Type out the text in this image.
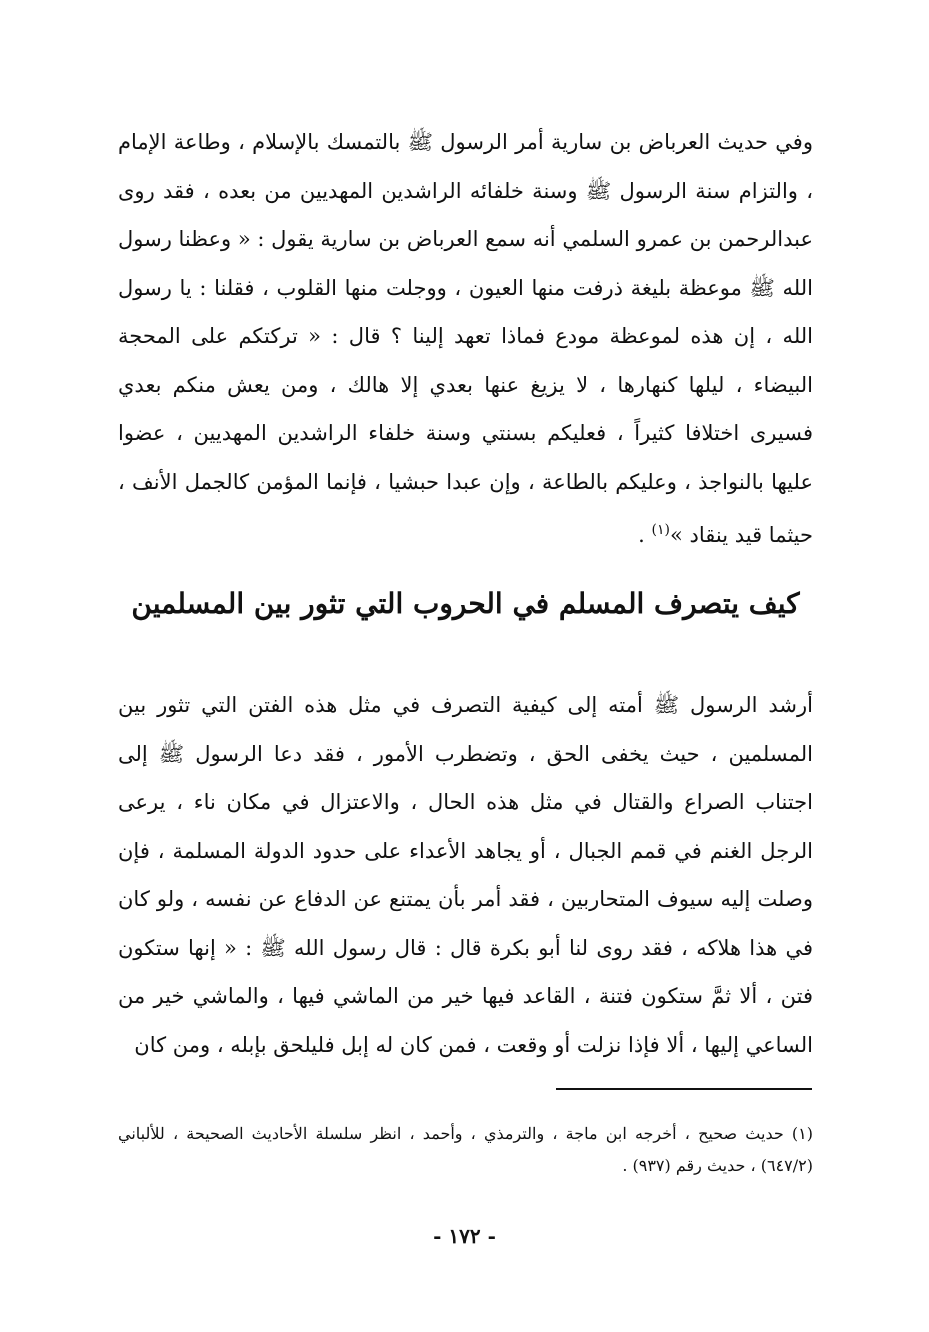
وفي حديث العرباض بن سارية أمر الرسول ﷺ بالتمسك بالإسلام ، وطاعة الإمام ، والتزام سنة الرسول ﷺ وسنة خلفائه الراشدين المهديين من بعده ، فقد روى عبدالرحمن بن عمرو السلمي أنه سمع العرباض بن سارية يقول : « وعظنا رسول الله ﷺ موعظة بليغة ذرفت منها العيون ، ووجلت منها القلوب ، فقلنا : يا رسول الله ، إن هذه لموعظة مودع فماذا تعهد إلينا ؟ قال : « تركتكم على المحجة البيضاء ، ليلها كنهارها ، لا يزيغ عنها بعدي إلا هالك ، ومن يعش منكم بعدي فسيرى اختلافا كثيراً ، فعليكم بسنتي وسنة خلفاء الراشدين المهديين ، عضوا عليها بالنواجذ ، وعليكم بالطاعة ، وإن عبدا حبشيا ، فإنما المؤمن كالجمل الأنف ، حيثما قيد ينقاد »$^{(١)}$ .

كيف يتصرف المسلم في الحروب التي تثور بين المسلمين

أرشد الرسول ﷺ أمته إلى كيفية التصرف في مثل هذه الفتن التي تثور بين المسلمين ، حيث يخفى الحق ، وتضطرب الأمور ، فقد دعا الرسول ﷺ إلى اجتناب الصراع والقتال في مثل هذه الحال ، والاعتزال في مكان ناء ، يرعى الرجل الغنم في قمم الجبال ، أو يجاهد الأعداء على حدود الدولة المسلمة ، فإن وصلت إليه سيوف المتحاربين ، فقد أمر بأن يمتنع عن الدفاع عن نفسه ، ولو كان في هذا هلاكه ، فقد روى لنا أبو بكرة قال : قال رسول الله ﷺ : « إنها ستكون فتن ، ألا ثمَّ ستكون فتنة ، القاعد فيها خير من الماشي فيها ، والماشي خير من الساعي إليها ، ألا فإذا نزلت أو وقعت ، فمن كان له إبل فليلحق بإبله ، ومن كان

(١) حديث صحيح ، أخرجه ابن ماجة ، والترمذي ، وأحمد ، انظر سلسلة الأحاديث الصحيحة ، للألباني (٦٤٧/٢) ، حديث رقم (٩٣٧) .

- ١٧٢ -
